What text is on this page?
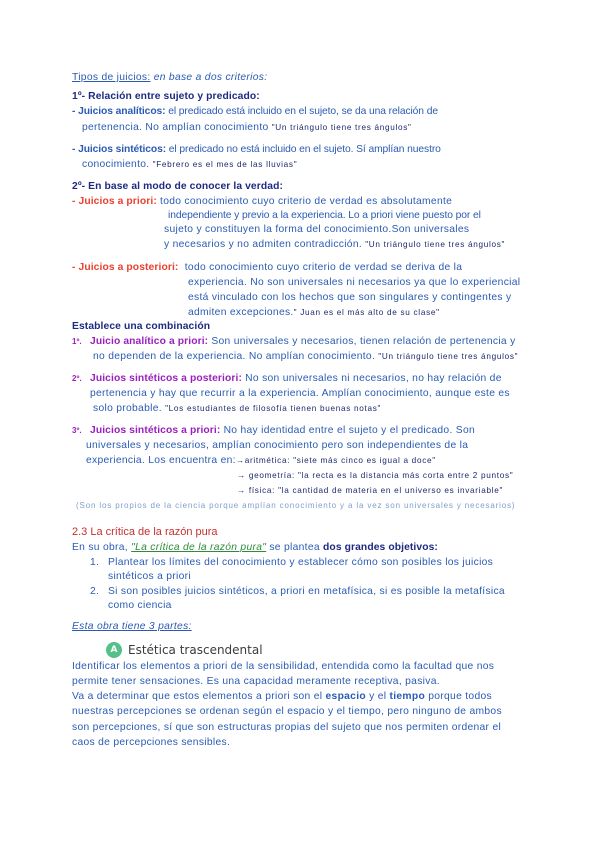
Tipos de juicios: en base a dos criterios:
1º- Relación entre sujeto y predicado:
- Juicios analíticos: el predicado está incluido en el sujeto, se da una relación de
pertenencia. No amplían conocimiento "Un triángulo tiene tres ángulos"
- Juicios sintéticos: el predicado no está incluido en el sujeto. Sí amplían nuestro
conocimiento. "Febrero es el mes de las lluvias"
2º- En base al modo de conocer la verdad:
- Juicios a priori: todo conocimiento cuyo criterio de verdad es absolutamente
independiente y previo a la experiencia. Lo a priori viene puesto por el
sujeto y constituyen la forma del conocimiento.Son universales
y necesarios y no admiten contradicción. "Un triángulo tiene tres ángulos"
- Juicios a posteriori:  todo conocimiento cuyo criterio de verdad se deriva de la
experiencia. No son universales ni necesarios ya que lo experiencial
está vinculado con los hechos que son singulares y contingentes y
admiten excepciones." Juan es el más alto de su clase"
Establece una combinación
1º. Juicio analítico a priori: Son universales y necesarios, tienen relación de pertenencia y
no dependen de la experiencia. No amplían conocimiento. "Un triángulo tiene tres ángulos"
2º. Juicios sintéticos a posteriori: No son universales ni necesarios, no hay relación de
pertenencia y hay que recurrir a la experiencia. Amplían conocimiento, aunque este es
solo probable. "Los estudiantes de filosofía tienen buenas notas"
3º. Juicios sintéticos a priori: No hay identidad entre el sujeto y el predicado. Son
universales y necesarios, amplían conocimiento pero son independientes de la
experiencia. Los encuentra en:→aritmética: "siete más cinco es igual a doce"
→ geometría: "la recta es la distancia más corta entre 2 puntos"
→ física: "la cantidad de materia en el universo es invariable"
(Son los propios de la ciencia porque amplían conocimiento y a la vez son universales y necesarios)
2.3 La crítica de la razón pura
En su obra, "La crítica de la razón pura" se plantea dos grandes objetivos:
1. Plantear los límites del conocimiento y establecer cómo son posibles los juicios
sintéticos a priori
2. Si son posibles juicios sintéticos, a priori en metafísica, si es posible la metafísica
como ciencia
Esta obra tiene 3 partes:
A Estética trascendental
Identificar los elementos a priori de la sensibilidad, entendida como la facultad que nos
permite tener sensaciones. Es una capacidad meramente receptiva, pasiva.
Va a determinar que estos elementos a priori son el espacio y el tiempo porque todos
nuestras percepciones se ordenan según el espacio y el tiempo, pero ninguno de ambos
son percepciones, sí que son estructuras propias del sujeto que nos permiten ordenar el
caos de percepciones sensibles.
